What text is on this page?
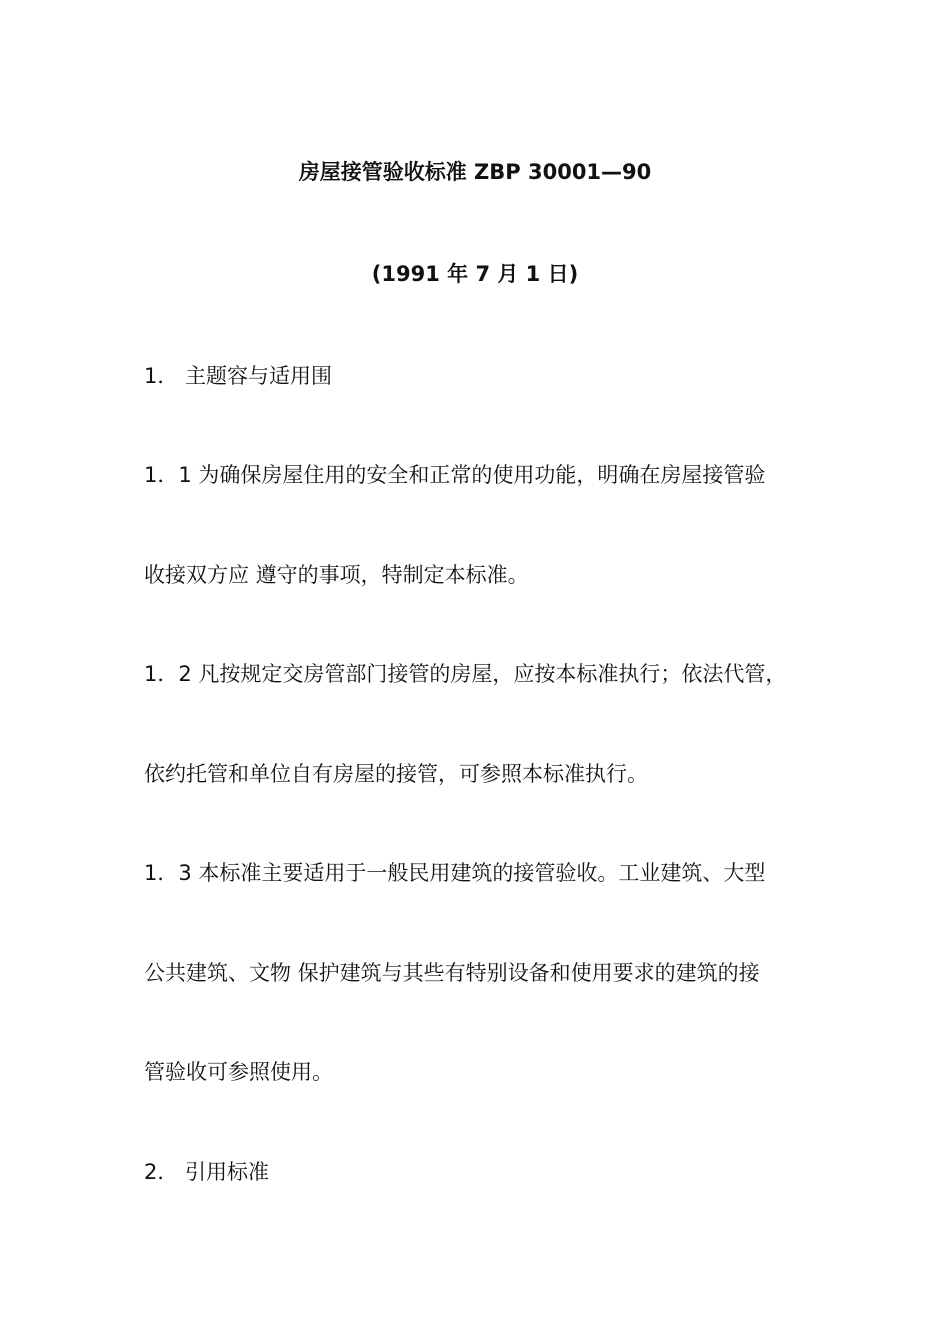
房屋接管验收标准 ZBP 30001—90
(1991 年 7 月 1 日)
1． 主题容与适用围
1．1 为确保房屋住用的安全和正常的使用功能，明确在房屋接管验
收接双方应 遵守的事项，特制定本标准。
1．2 凡按规定交房管部门接管的房屋，应按本标准执行；依法代管，
依约托管和单位自有房屋的接管，可参照本标准执行。
1．3 本标准主要适用于一般民用建筑的接管验收。工业建筑、大型
公共建筑、文物 保护建筑与其些有特别设备和使用要求的建筑的接
管验收可参照使用。
2． 引用标准
